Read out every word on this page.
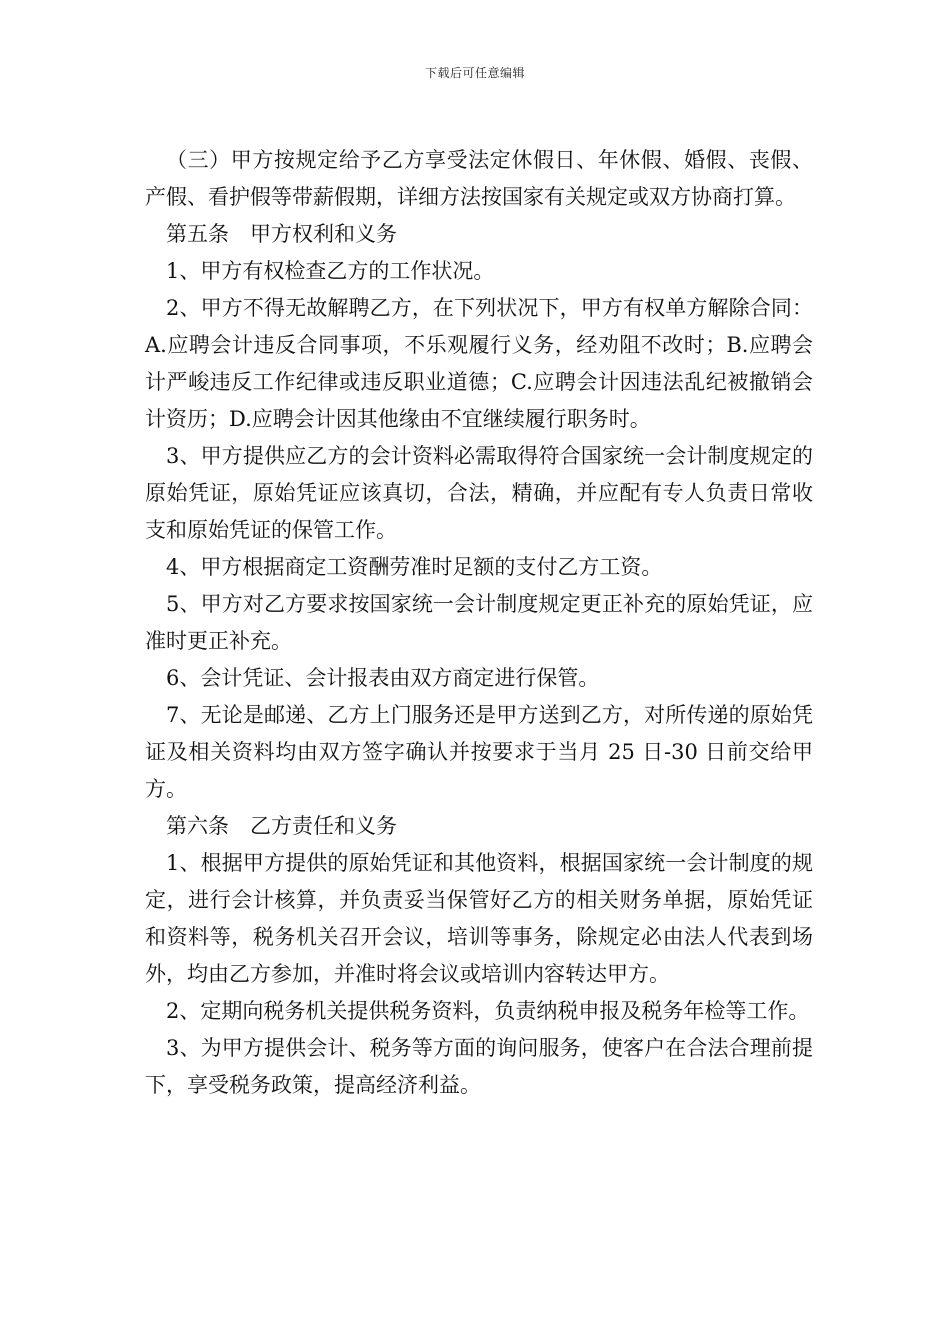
下载后可任意编辑

（三）甲方按规定给予乙方享受法定休假日、年休假、婚假、丧假、产假、看护假等带薪假期，详细方法按国家有关规定或双方协商打算。

第五条　甲方权利和义务

1、甲方有权检查乙方的工作状况。

2、甲方不得无故解聘乙方，在下列状况下，甲方有权单方解除合同：A.应聘会计违反合同事项，不乐观履行义务，经劝阻不改时；B.应聘会计严峻违反工作纪律或违反职业道德；C.应聘会计因违法乱纪被撤销会计资历；D.应聘会计因其他缘由不宜继续履行职务时。

3、甲方提供应乙方的会计资料必需取得符合国家统一会计制度规定的原始凭证，原始凭证应该真切，合法，精确，并应配有专人负责日常收支和原始凭证的保管工作。

4、甲方根据商定工资酬劳准时足额的支付乙方工资。

5、甲方对乙方要求按国家统一会计制度规定更正补充的原始凭证，应准时更正补充。

6、会计凭证、会计报表由双方商定进行保管。

7、无论是邮递、乙方上门服务还是甲方送到乙方，对所传递的原始凭证及相关资料均由双方签字确认并按要求于当月 25 日-30 日前交给甲方。

第六条　乙方责任和义务

1、根据甲方提供的原始凭证和其他资料，根据国家统一会计制度的规定，进行会计核算，并负责妥当保管好乙方的相关财务单据，原始凭证和资料等，税务机关召开会议，培训等事务，除规定必由法人代表到场外，均由乙方参加，并准时将会议或培训内容转达甲方。

2、定期向税务机关提供税务资料，负责纳税申报及税务年检等工作。

3、为甲方提供会计、税务等方面的询问服务，使客户在合法合理前提下，享受税务政策，提高经济利益。
